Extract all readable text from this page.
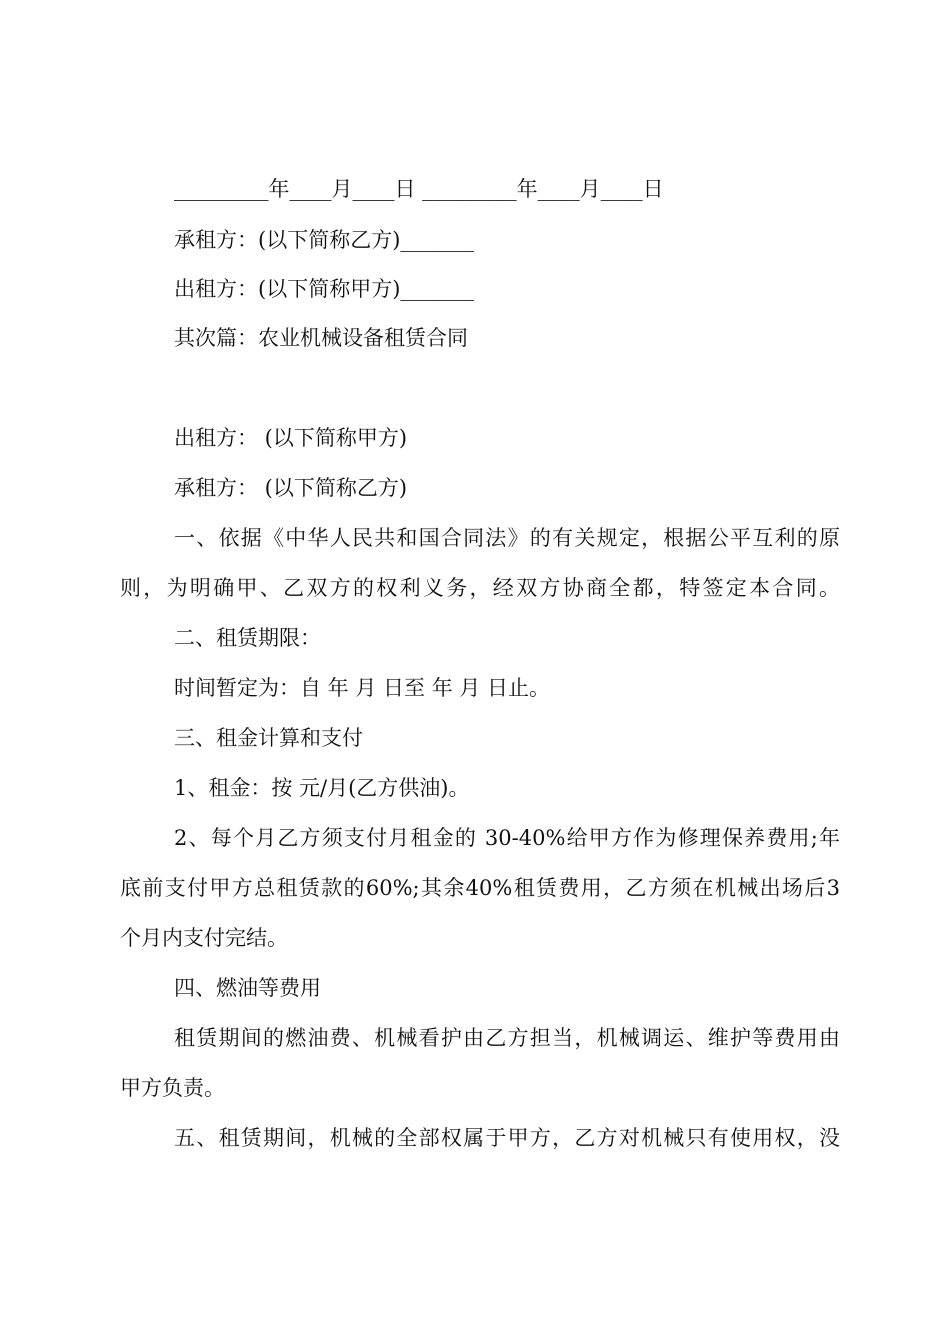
_________年____月____日 _________年____月____日
承租方：(以下简称乙方)_______
出租方：(以下简称甲方)_______
其次篇：农业机械设备租赁合同
出租方： (以下简称甲方)
承租方： (以下简称乙方)
一、依据《中华人民共和国合同法》的有关规定，根据公平互利的原
则，为明确甲、乙双方的权利义务，经双方协商全都，特签定本合同。
二、租赁期限：
时间暂定为：自 年 月 日至 年 月 日止。
三、租金计算和支付
1、租金：按 元/月(乙方供油)。
2、每个月乙方须支付月租金的 30-40%给甲方作为修理保养费用;年
底前支付甲方总租赁款的60%;其余40%租赁费用，乙方须在机械出场后3
个月内支付完结。
四、燃油等费用
租赁期间的燃油费、机械看护由乙方担当，机械调运、维护等费用由
甲方负责。
五、租赁期间，机械的全部权属于甲方，乙方对机械只有使用权，没
